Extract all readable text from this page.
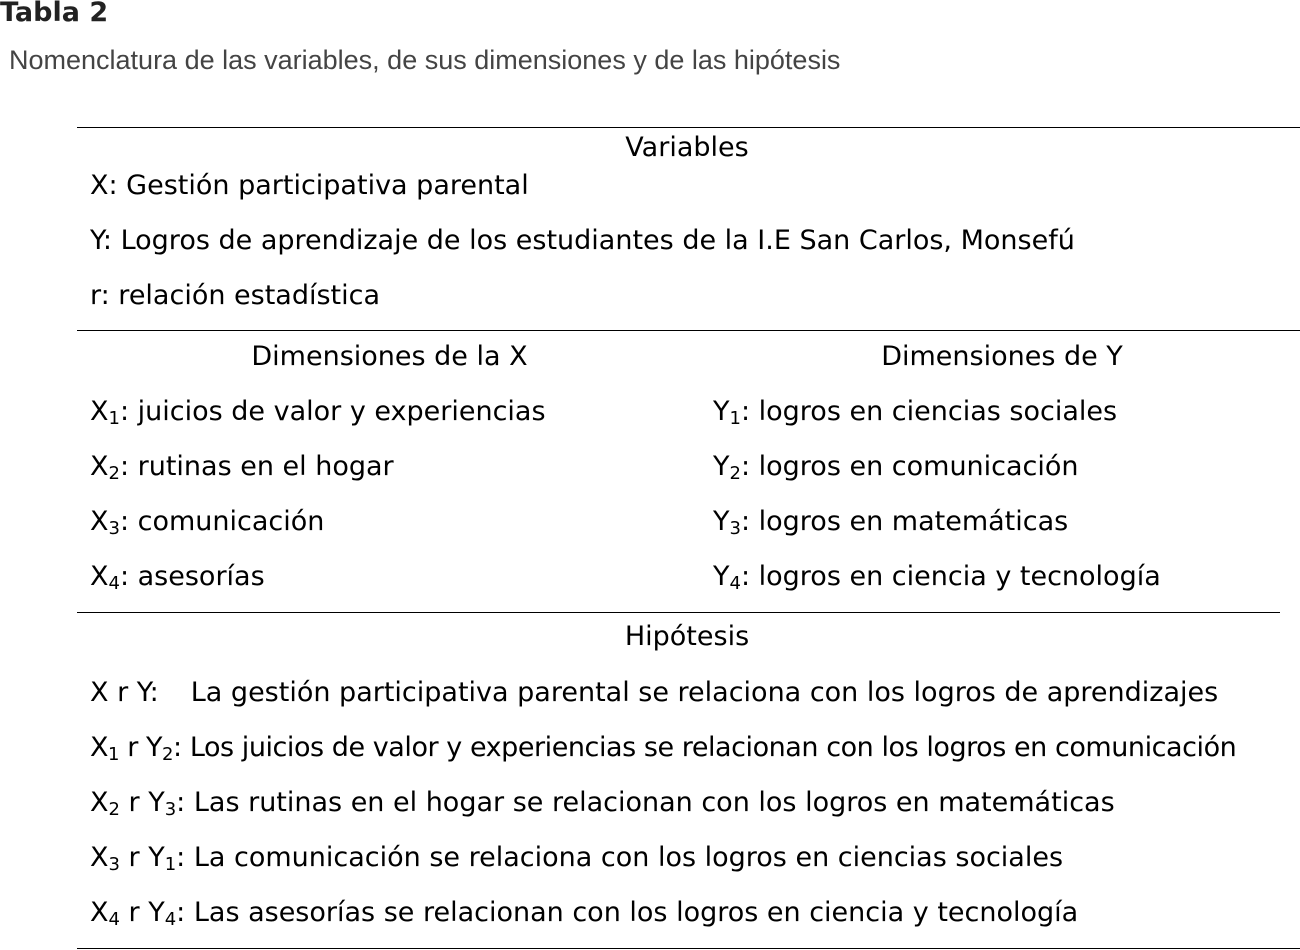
Tabla 2
Nomenclatura de las variables, de sus dimensiones y de las hipótesis
Variables
X: Gestión participativa parental
Y: Logros de aprendizaje de los estudiantes de la I.E San Carlos, Monsefú
r: relación estadística
Dimensiones de la X	Dimensiones de Y
$X_1$: juicios de valor y experiencias
$X_2$: rutinas en el hogar
$X_3$: comunicación
$X_4$: asesorías
$Y_1$: logros en ciencias sociales
$Y_2$: logros en comunicación
$Y_3$: logros en matemáticas
$Y_4$: logros en ciencia y tecnología
Hipótesis
X r Y: La gestión participativa parental se relaciona con los logros de aprendizajes
$X_1$ r $Y_2$: Los juicios de valor y experiencias se relacionan con los logros en comunicación
$X_2$ r $Y_3$: Las rutinas en el hogar se relacionan con los logros en matemáticas
$X_3$ r $Y_1$: La comunicación se relaciona con los logros en ciencias sociales
$X_4$ r $Y_4$: Las asesorías se relacionan con los logros en ciencia y tecnología
